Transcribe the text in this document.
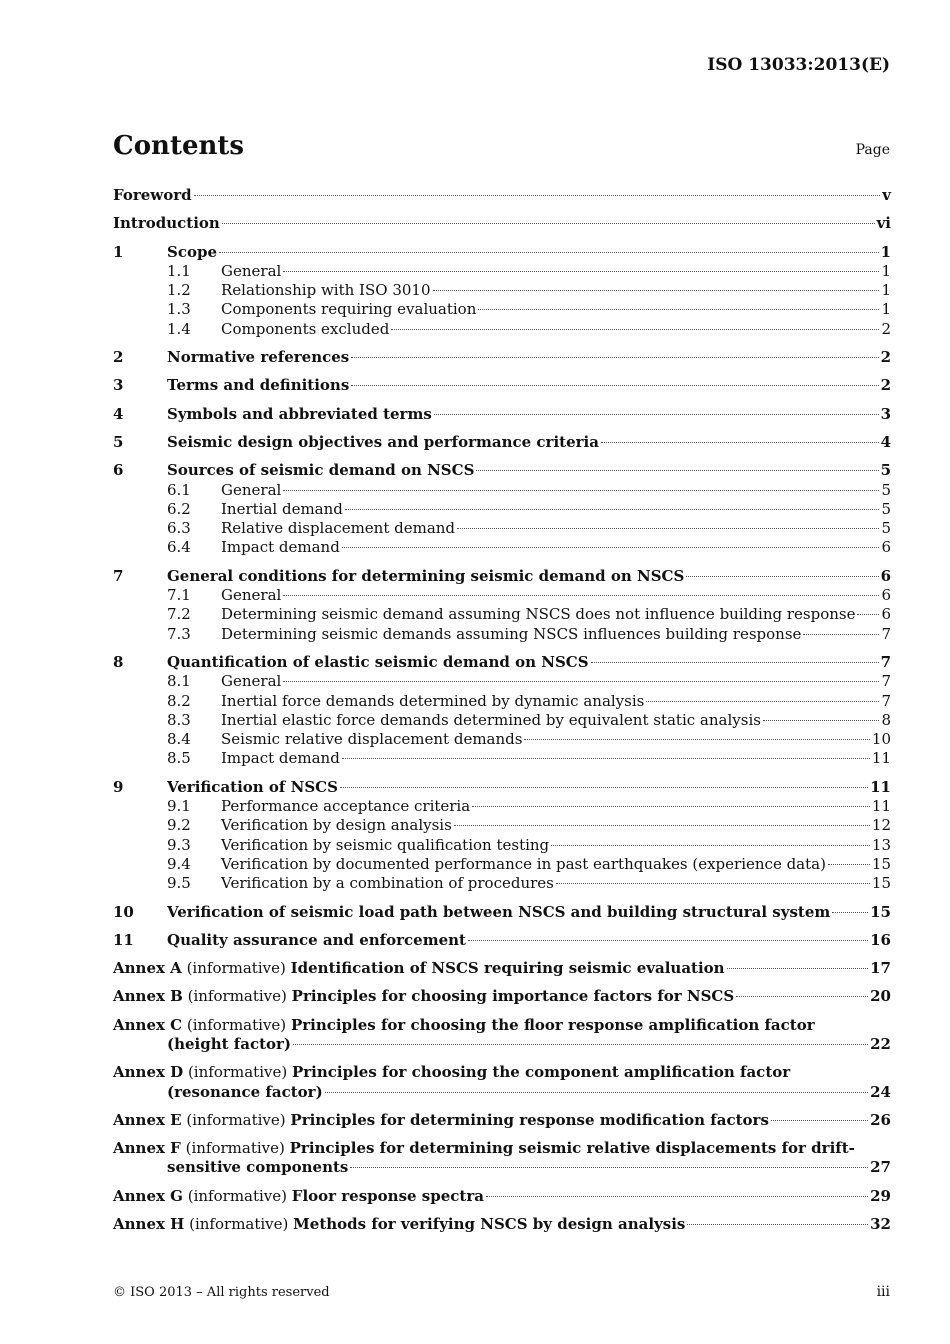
ISO 13033:2013(E)
Contents	Page
Foreword	v
Introduction	vi
1	Scope	1
1.1	General	1
1.2	Relationship with ISO 3010	1
1.3	Components requiring evaluation	1
1.4	Components excluded	2
2	Normative references	2
3	Terms and definitions	2
4	Symbols and abbreviated terms	3
5	Seismic design objectives and performance criteria	4
6	Sources of seismic demand on NSCS	5
6.1	General	5
6.2	Inertial demand	5
6.3	Relative displacement demand	5
6.4	Impact demand	6
7	General conditions for determining seismic demand on NSCS	6
7.1	General	6
7.2	Determining seismic demand assuming NSCS does not influence building response 6
7.3	Determining seismic demands assuming NSCS influences building response	7
8	Quantification of elastic seismic demand on NSCS	7
8.1	General	7
8.2	Inertial force demands determined by dynamic analysis	7
8.3	Inertial elastic force demands determined by equivalent static analysis	8
8.4	Seismic relative displacement demands	10
8.5	Impact demand	11
9	Verification of NSCS	11
9.1	Performance acceptance criteria	11
9.2	Verification by design analysis	12
9.3	Verification by seismic qualification testing	13
9.4	Verification by documented performance in past earthquakes (experience data)	15
9.5	Verification by a combination of procedures	15
10	Verification of seismic load path between NSCS and building structural system	15
11	Quality assurance and enforcement	16
Annex A (informative) Identification of NSCS requiring seismic evaluation	17
Annex B (informative) Principles for choosing importance factors for NSCS	20
Annex C (informative) Principles for choosing the floor response amplification factor
(height factor)	22
Annex D (informative) Principles for choosing the component amplification factor
(resonance factor)	24
Annex E (informative) Principles for determining response modification factors	26
Annex F (informative) Principles for determining seismic relative displacements for drift-
sensitive components	27
Annex G (informative) Floor response spectra	29
Annex H (informative) Methods for verifying NSCS by design analysis	32
© ISO 2013 – All rights reserved	iii
